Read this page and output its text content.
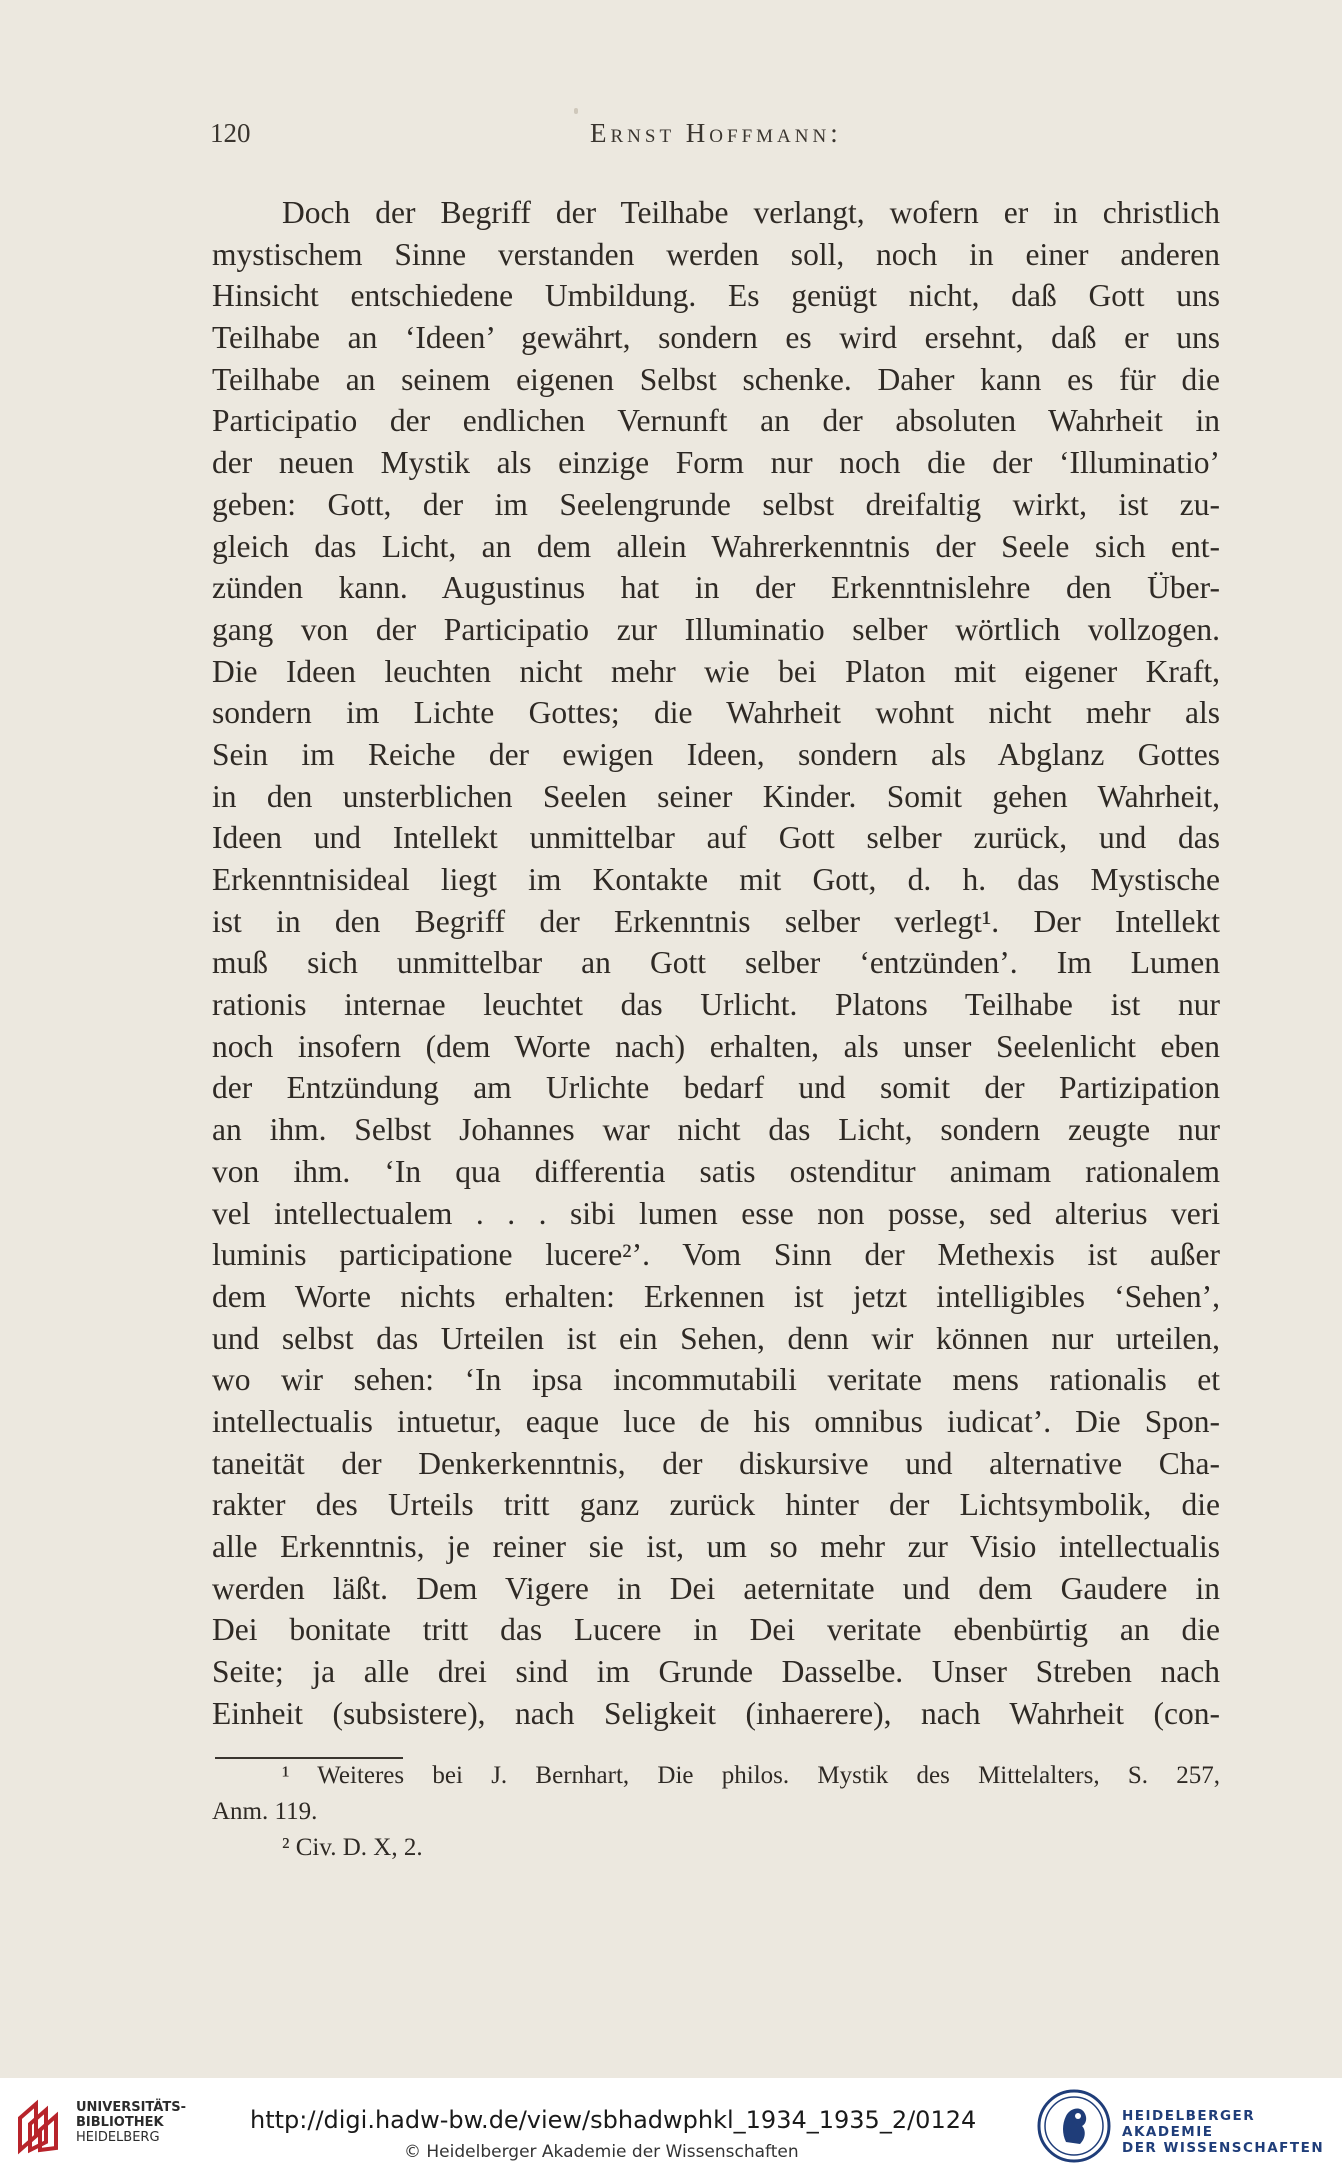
120	Ernst Hoffmann:
Doch der Begriff der Teilhabe verlangt, wofern er in christlich
mystischem Sinne verstanden werden soll, noch in einer anderen
Hinsicht entschiedene Umbildung. Es genügt nicht, daß Gott uns
Teilhabe an ‘Ideen’ gewährt, sondern es wird ersehnt, daß er uns
Teilhabe an seinem eigenen Selbst schenke. Daher kann es für die
Participatio der endlichen Vernunft an der absoluten Wahrheit in
der neuen Mystik als einzige Form nur noch die der ‘Illuminatio’
geben: Gott, der im Seelengrunde selbst dreifaltig wirkt, ist zu-
gleich das Licht, an dem allein Wahrerkenntnis der Seele sich ent-
zünden kann. Augustinus hat in der Erkenntnislehre den Über-
gang von der Participatio zur Illuminatio selber wörtlich vollzogen.
Die Ideen leuchten nicht mehr wie bei Platon mit eigener Kraft,
sondern im Lichte Gottes; die Wahrheit wohnt nicht mehr als
Sein im Reiche der ewigen Ideen, sondern als Abglanz Gottes
in den unsterblichen Seelen seiner Kinder. Somit gehen Wahrheit,
Ideen und Intellekt unmittelbar auf Gott selber zurück, und das
Erkenntnisideal liegt im Kontakte mit Gott, d. h. das Mystische
ist in den Begriff der Erkenntnis selber verlegt¹. Der Intellekt
muß sich unmittelbar an Gott selber ‘entzünden’. Im Lumen
rationis internae leuchtet das Urlicht. Platons Teilhabe ist nur
noch insofern (dem Worte nach) erhalten, als unser Seelenlicht eben
der Entzündung am Urlichte bedarf und somit der Partizipation
an ihm. Selbst Johannes war nicht das Licht, sondern zeugte nur
von ihm. ‘In qua differentia satis ostenditur animam rationalem
vel intellectualem . . . sibi lumen esse non posse, sed alterius veri
luminis participatione lucere²’. Vom Sinn der Methexis ist außer
dem Worte nichts erhalten: Erkennen ist jetzt intelligibles ‘Sehen’,
und selbst das Urteilen ist ein Sehen, denn wir können nur urteilen,
wo wir sehen: ‘In ipsa incommutabili veritate mens rationalis et
intellectualis intuetur, eaque luce de his omnibus iudicat’. Die Spon-
taneität der Denkerkenntnis, der diskursive und alternative Cha-
rakter des Urteils tritt ganz zurück hinter der Lichtsymbolik, die
alle Erkenntnis, je reiner sie ist, um so mehr zur Visio intellectualis
werden läßt. Dem Vigere in Dei aeternitate und dem Gaudere in
Dei bonitate tritt das Lucere in Dei veritate ebenbürtig an die
Seite; ja alle drei sind im Grunde Dasselbe. Unser Streben nach
Einheit (subsistere), nach Seligkeit (inhaerere), nach Wahrheit (con-
¹ Weiteres bei J. Bernhart, Die philos. Mystik des Mittelalters, S. 257,
Anm. 119.
² Civ. D. X, 2.
UNIVERSITÄTS-
BIBLIOTHEK
HEIDELBERG
http://digi.hadw-bw.de/view/sbhadwphkl_1934_1935_2/0124
© Heidelberger Akademie der Wissenschaften
HEIDELBERGER AKADEMIE
DER WISSENSCHAFTEN
